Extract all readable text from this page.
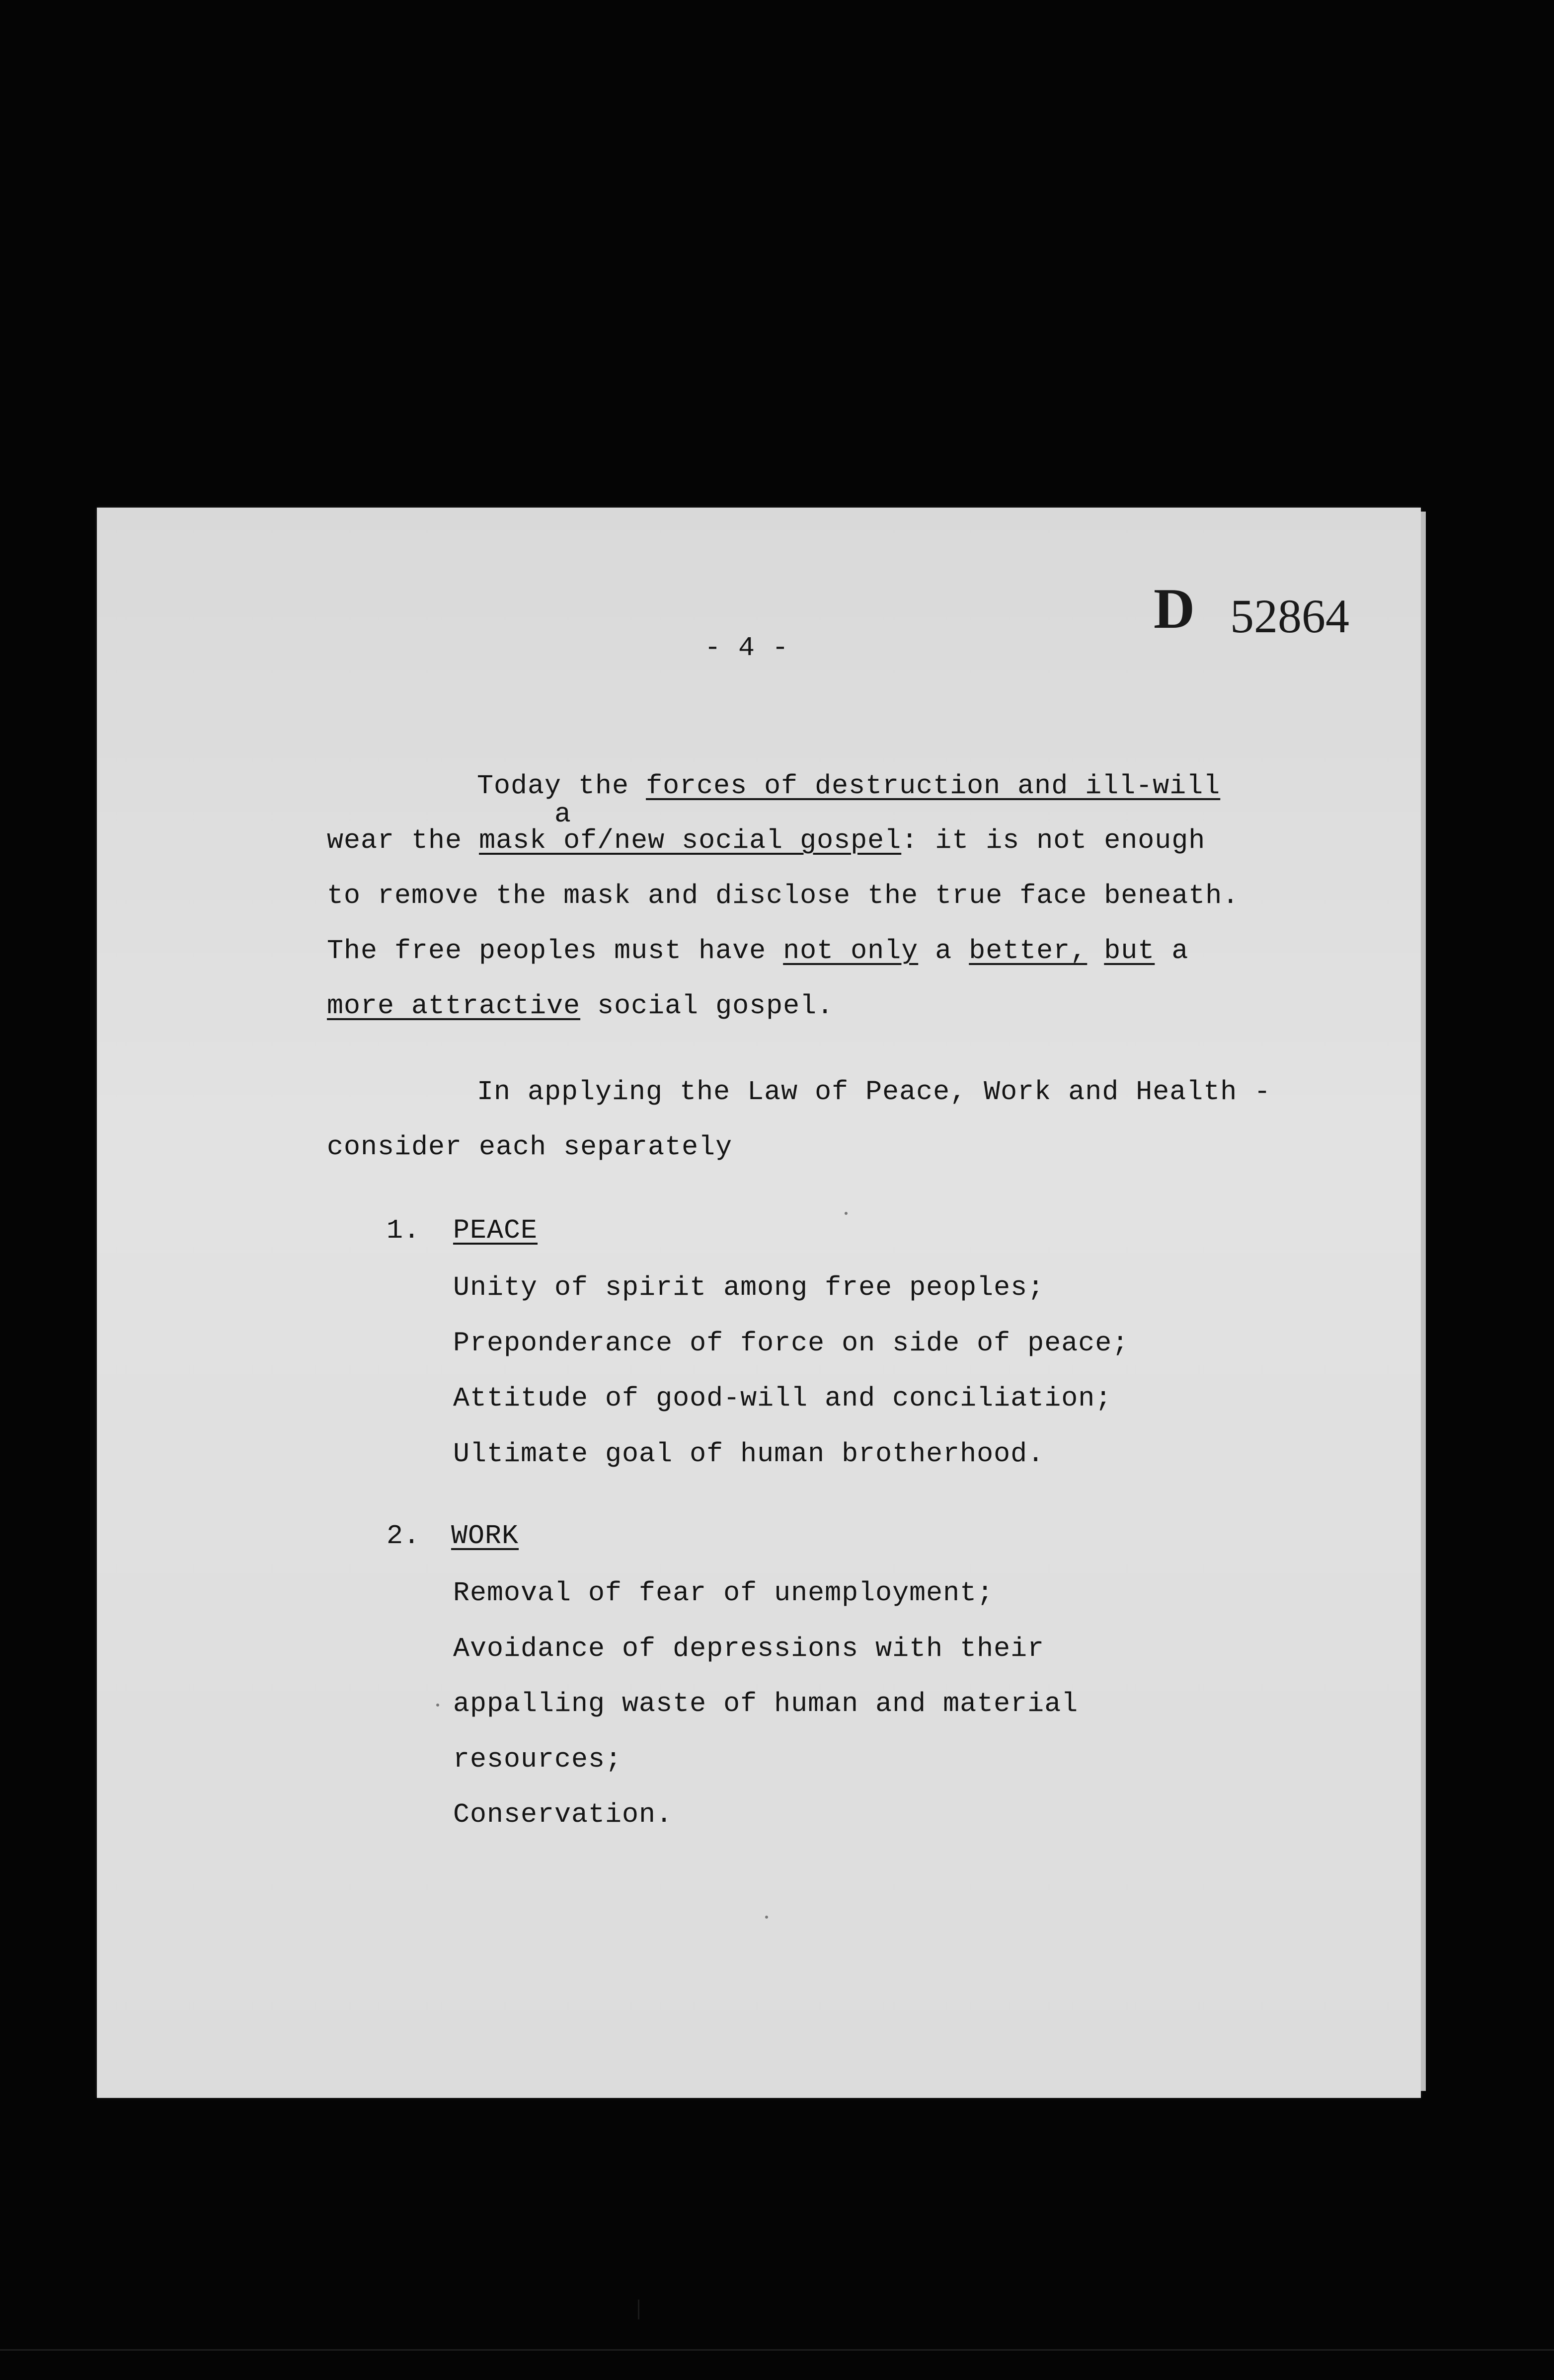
- 4 -
D 52864
Today the forces of destruction and ill-will
a
wear the mask of/new social gospel: it is not enough
to remove the mask and disclose the true face beneath.
The free peoples must have not only a better, but a
more attractive social gospel.
In applying the Law of Peace, Work and Health -
consider each separately
1. PEACE
Unity of spirit among free peoples;
Preponderance of force on side of peace;
Attitude of good-will and conciliation;
Ultimate goal of human brotherhood.
2. WORK
Removal of fear of unemployment;
Avoidance of depressions with their
appalling waste of human and material
resources;
Conservation.
